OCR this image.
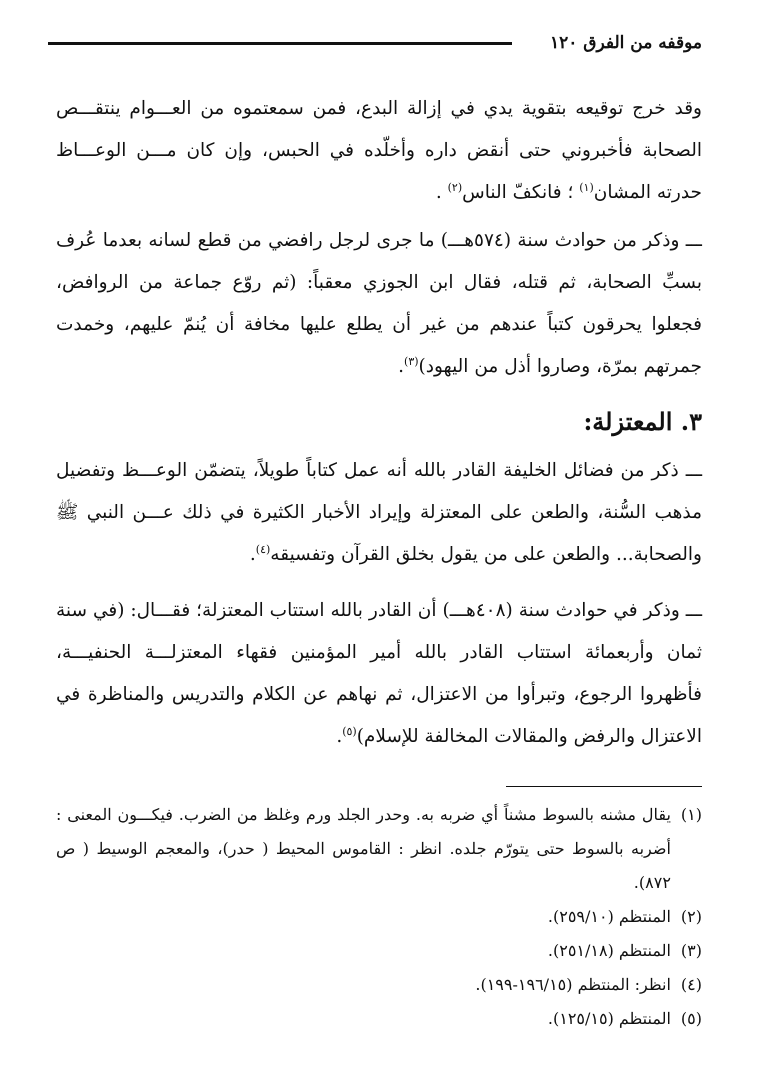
موقفه من الفرق ١٢٠

وقد خرج توقيعه بتقوية يدي في إزالة البدع، فمن سمعتموه من العـــوام ينتقـــص الصحابة فأخبروني حتى أنقض داره وأخلّده في الحبس، وإن كان مـــن الوعـــاظ حدرته المشان$^{(١)}$ ؛ فانكفّ الناس$^{(٢)}$ .

ـــ وذكر من حوادث سنة (٥٧٤هـــ) ما جرى لرجل رافضي من قطع لسانه بعدما عُرف بسبِّ الصحابة، ثم قتله، فقال ابن الجوزي معقباً: (ثم روّع جماعة من الروافض، فجعلوا يحرقون كتباً عندهم من غير أن يطلع عليها مخافة أن يُنمّ عليهم، وخمدت جمرتهم بمرّة، وصاروا أذل من اليهود)$^{(٣)}$.

٣. المعتزلة:

ـــ ذكر من فضائل الخليفة القادر بالله أنه عمل كتاباً طويلاً، يتضمّن الوعـــظ وتفضيل مذهب السُّنة، والطعن على المعتزلة وإيراد الأخبار الكثيرة في ذلك عـــن النبي ﷺ والصحابة... والطعن على من يقول بخلق القرآن وتفسيقه$^{(٤)}$.

ـــ وذكر في حوادث سنة (٤٠٨هـــ) أن القادر بالله استتاب المعتزلة؛ فقـــال: (في سنة ثمان وأربعمائة استتاب القادر بالله أمير المؤمنين فقهاء المعتزلـــة الحنفيـــة، فأظهروا الرجوع، وتبرأوا من الاعتزال، ثم نهاهم عن الكلام والتدريس والمناظرة في الاعتزال والرفض والمقالات المخالفة للإسلام)$^{(٥)}$.

(١)
يقال مشنه بالسوط مشناً أي ضربه به. وحدر الجلد ورم وغلظ من الضرب. فيكـــون المعنى : أضربه بالسوط حتى يتورّم جلده. انظر : القاموس المحيط ( حدر)، والمعجم الوسيط ( ص ٨٧٢).
(٢)
المنتظم (٢٥٩/١٠).
(٣)
المنتظم (٢٥١/١٨).
(٤)
انظر: المنتظم (١٩٦/١٥-١٩٩).
(٥)
المنتظم (١٢٥/١٥).
